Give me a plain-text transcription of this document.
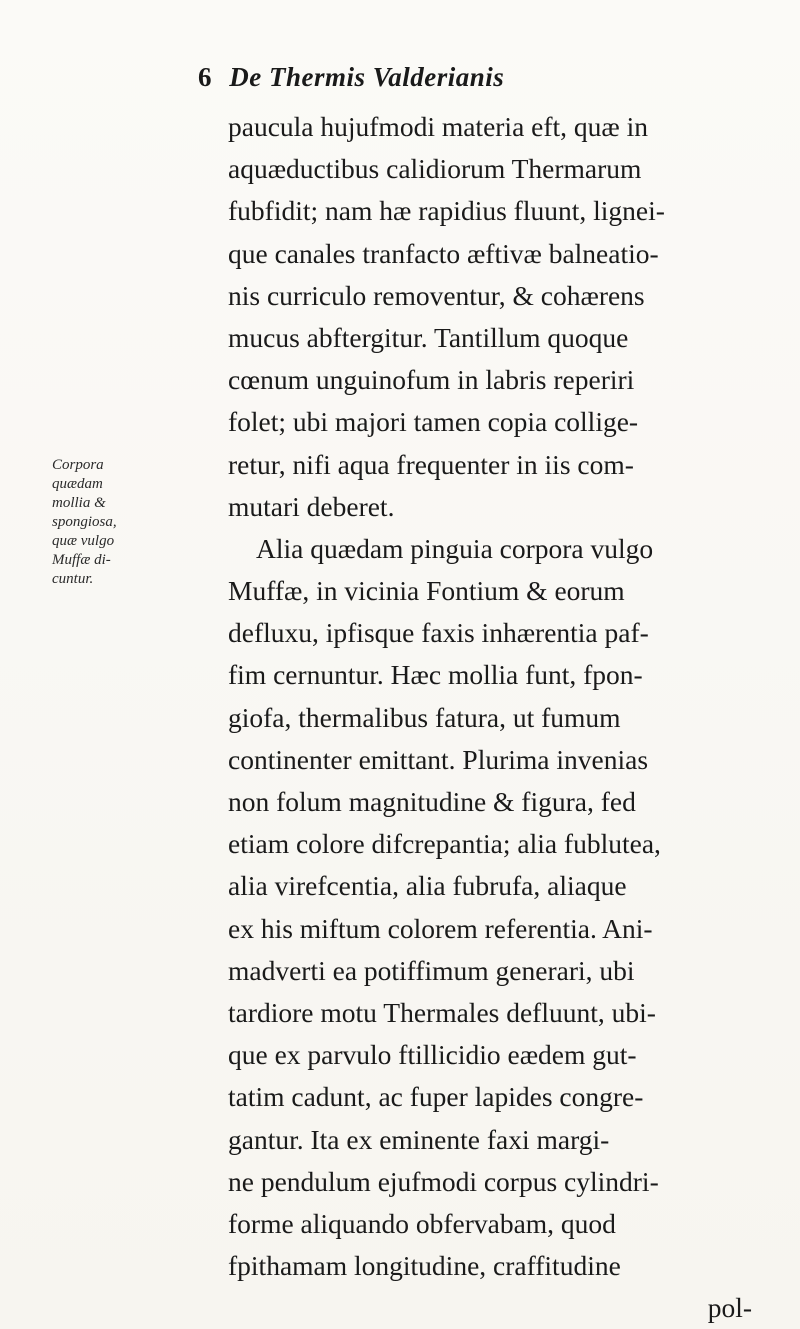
6 De Thermis Valderianis
Corpora
quædam
mollia &
spongiosa,
quæ vulgo
Muffæ di-
cuntur.
paucula hujufmodi materia eft, quæ in
aquæductibus calidiorum Thermarum
fubfidit; nam hæ rapidius fluunt, lignei-
que canales tranfacto æftivæ balneatio-
nis curriculo removentur, & cohærens
mucus abftergitur. Tantillum quoque
cœnum unguinofum in labris reperiri
folet; ubi majori tamen copia collige-
retur, nifi aqua frequenter in iis com-
mutari deberet.
Alia quædam pinguia corpora vulgo
Muffæ, in vicinia Fontium & eorum
defluxu, ipfisque faxis inhærentia paf-
fim cernuntur. Hæc mollia funt, fpon-
giofa, thermalibus fatura, ut fumum
continenter emittant. Plurima invenias
non folum magnitudine & figura, fed
etiam colore difcrepantia; alia fublutea,
alia virefcentia, alia fubrufa, aliaque
ex his miftum colorem referentia. Ani-
madverti ea potiffimum generari, ubi
tardiore motu Thermales defluunt, ubi-
que ex parvulo ftillicidio eædem gut-
tatim cadunt, ac fuper lapides congre-
gantur. Ita ex eminente faxi margi-
ne pendulum ejufmodi corpus cylindri-
forme aliquando obfervabam, quod
fpithamam longitudine, craffitudine
pol-
